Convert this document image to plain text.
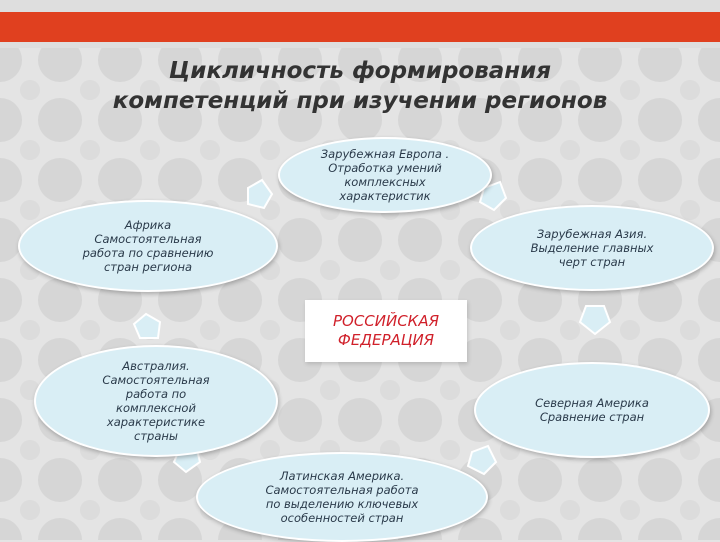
Цикличность формирования
компетенций при изучении регионов
Зарубежная Европа .
Отработка умений
комплексных
характеристик
Африка
Самостоятельная
работа по сравнению
стран региона
Зарубежная Азия.
Выделение главных
черт стран
РОССИЙСКАЯ
ФЕДЕРАЦИЯ
Австралия.
Самостоятельная
работа по
комплексной
характеристике
страны
Северная Америка
Сравнение стран
Латинская Америка.
Самостоятельная работа
по выделению ключевых
особенностей стран
